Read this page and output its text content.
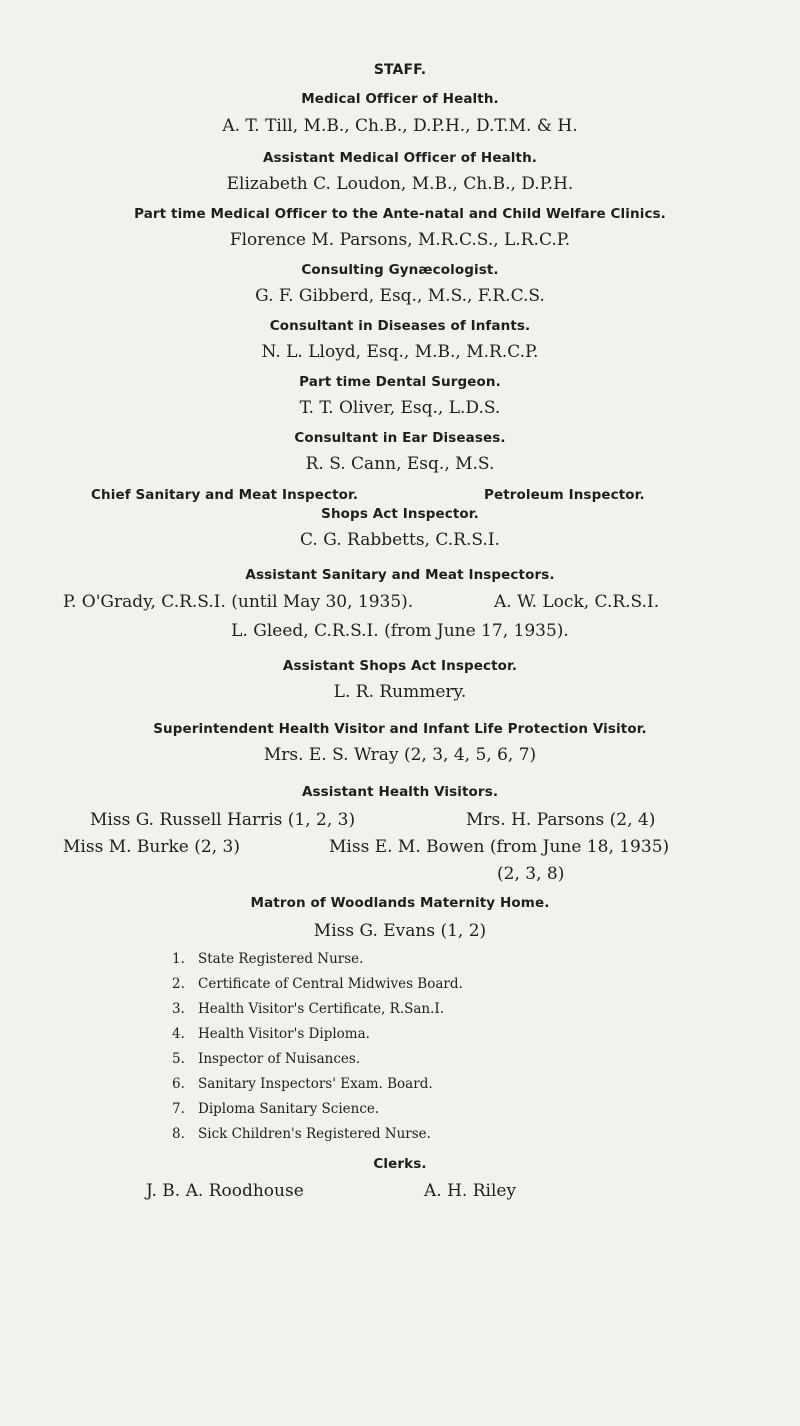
STAFF.
Medical Officer of Health.
A. T. Till, M.B., Ch.B., D.P.H., D.T.M. & H.
Assistant Medical Officer of Health.
Elizabeth C. Loudon, M.B., Ch.B., D.P.H.
Part time Medical Officer to the Ante-natal and Child Welfare Clinics.
Florence M. Parsons, M.R.C.S., L.R.C.P.
Consulting Gynæcologist.
G. F. Gibberd, Esq., M.S., F.R.C.S.
Consultant in Diseases of Infants.
N. L. Lloyd, Esq., M.B., M.R.C.P.
Part time Dental Surgeon.
T. T. Oliver, Esq., L.D.S.
Consultant in Ear Diseases.
R. S. Cann, Esq., M.S.
Chief Sanitary and Meat Inspector.	Petroleum Inspector.
Shops Act Inspector.
C. G. Rabbetts, C.R.S.I.
Assistant Sanitary and Meat Inspectors.
P. O'Grady, C.R.S.I. (until May 30, 1935).	A. W. Lock, C.R.S.I.
L. Gleed, C.R.S.I. (from June 17, 1935).
Assistant Shops Act Inspector.
L. R. Rummery.
Superintendent Health Visitor and Infant Life Protection Visitor.
Mrs. E. S. Wray (2, 3, 4, 5, 6, 7)
Assistant Health Visitors.
Miss G. Russell Harris (1, 2, 3)	Mrs. H. Parsons (2, 4)
Miss M. Burke (2, 3)	Miss E. M. Bowen (from June 18, 1935)
(2, 3, 8)
Matron of Woodlands Maternity Home.
Miss G. Evans (1, 2)
1. State Registered Nurse.
2. Certificate of Central Midwives Board.
3. Health Visitor's Certificate, R.San.I.
4. Health Visitor's Diploma.
5. Inspector of Nuisances.
6. Sanitary Inspectors' Exam. Board.
7. Diploma Sanitary Science.
8. Sick Children's Registered Nurse.
Clerks.
J. B. A. Roodhouse	A. H. Riley
